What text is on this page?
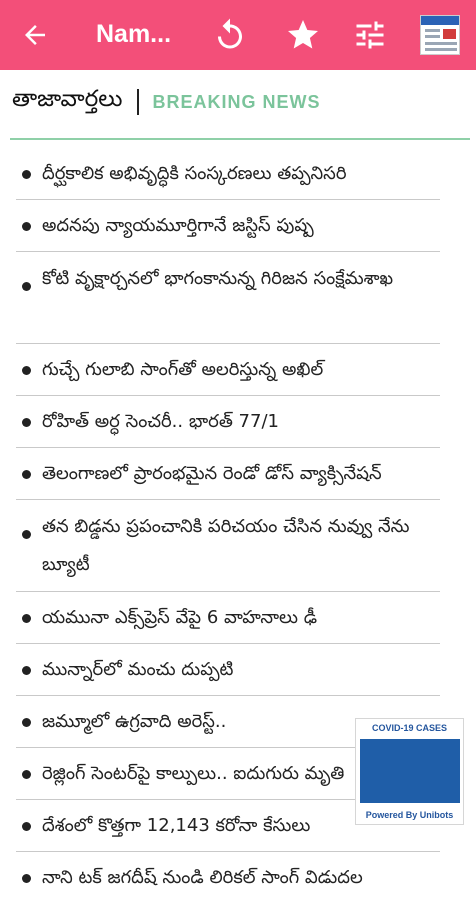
Nam...
తాజావార్తలు BREAKING NEWS
దీర్ఘకాలిక అభివృద్ధికి సంస్కరణలు తప్పనిసరి
అదనపు న్యాయమూర్తిగానే జస్టిస్ పుష్ప
కోటి వృక్షార్చనలో భాగంకానున్న గిరిజన సంక్షేమశాఖ
గుచ్చే గులాబి సాంగ్‌తో అలరిస్తున్న అఖిల్
రోహిత్ అర్ధ సెంచరీ.. భారత్ 77/1
తెలంగాణలో ప్రారంభమైన రెండో డోస్ వ్యాక్సినేషన్
తన బిడ్డను ప్రపంచానికి పరిచయం చేసిన నువ్వు నేను బ్యూటీ
యమునా ఎక్స్‌ప్రెస్ వేపై 6 వాహనాలు ఢీ
మున్నార్‌లో మంచు దుప్పటి
జమ్మూలో ఉగ్రవాది అరెస్ట్..
రెజ్లింగ్ సెంటర్‌పై కాల్పులు.. ఐదుగురు మృతి
దేశంలో కొత్తగా 12,143 కరోనా కేసులు
నాని టక్ జగదీష్ నుండి లిరికల్ సాంగ్ విడుదల
COVID-19 CASES
Powered By Unibots
